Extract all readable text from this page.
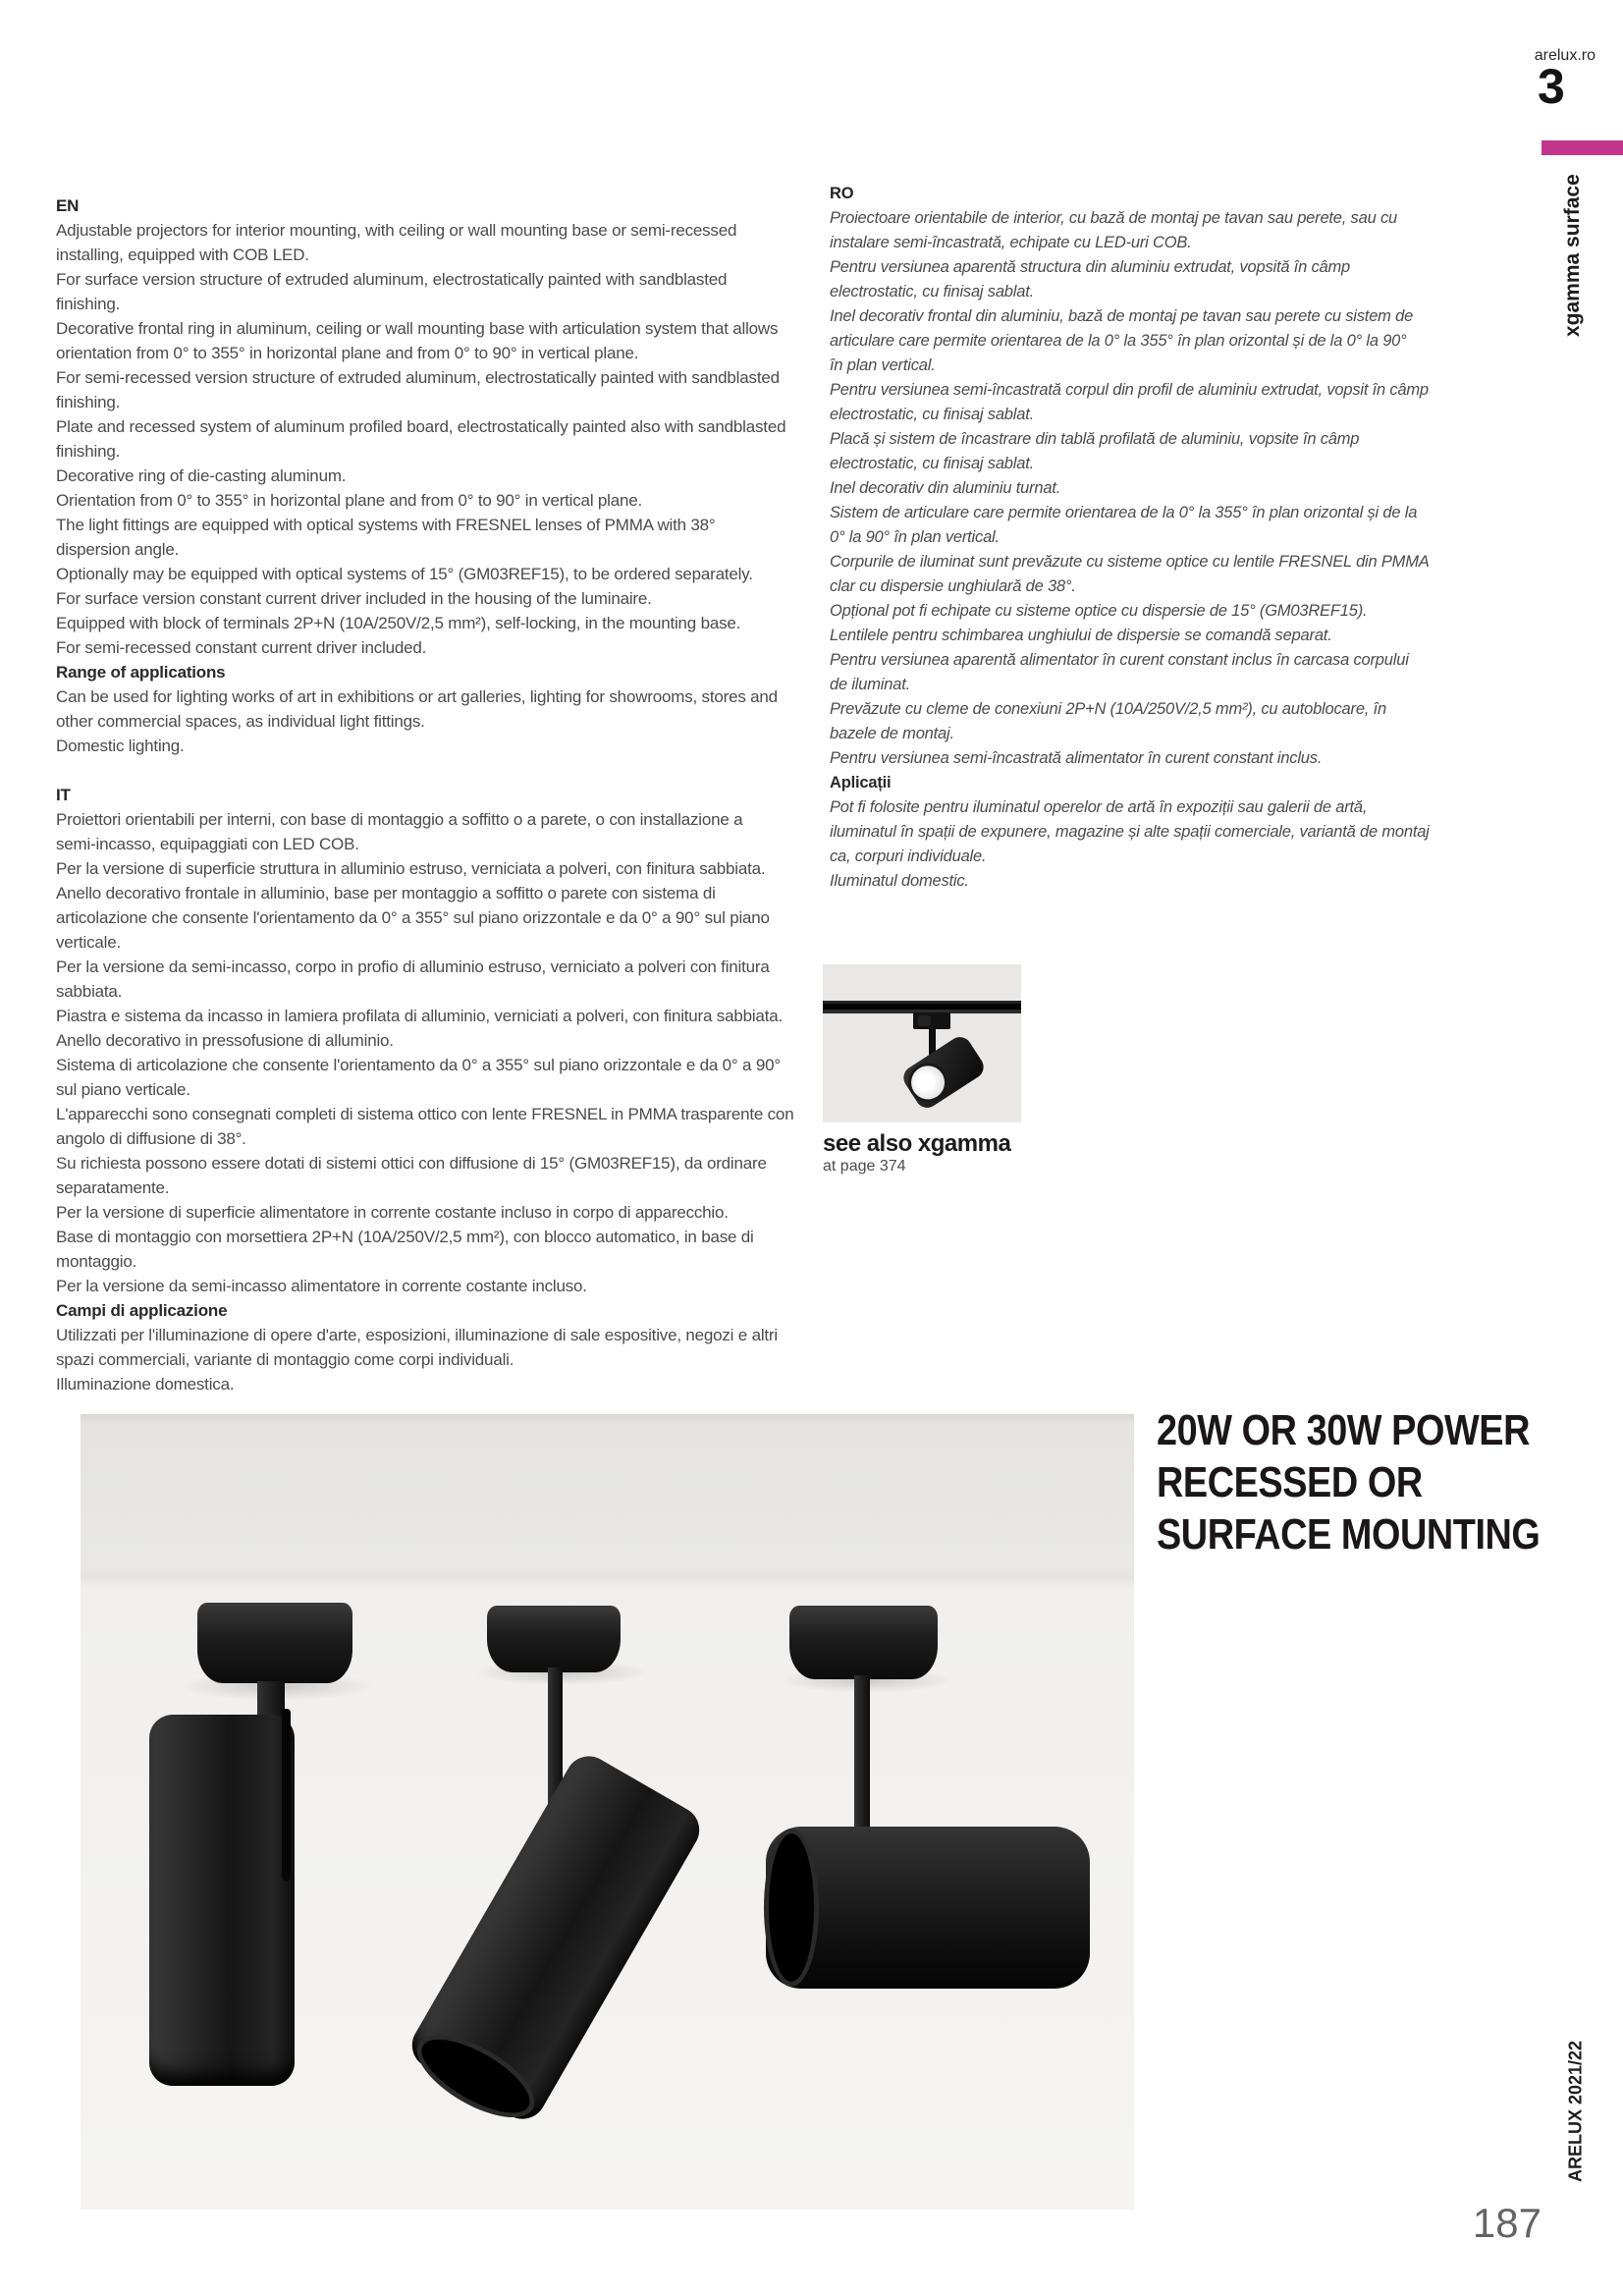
EN
Adjustable projectors for interior mounting, with ceiling or wall mounting base or semi-recessed
installing, equipped with COB LED.
For surface version structure of extruded aluminum, electrostatically painted with sandblasted
finishing.
Decorative frontal ring in aluminum, ceiling or wall mounting base with articulation system that allows
orientation from 0° to 355° in horizontal plane and from 0° to 90° in vertical plane.
For semi-recessed version structure of extruded aluminum, electrostatically painted with sandblasted
finishing.
Plate and recessed system of aluminum profiled board, electrostatically painted also with sandblasted
finishing.
Decorative ring of die-casting aluminum.
Orientation from 0° to 355° in horizontal plane and from 0° to 90° in vertical plane.
The light fittings are equipped with optical systems with FRESNEL lenses of PMMA with 38°
dispersion angle.
Optionally may be equipped with optical systems of 15° (GM03REF15), to be ordered separately.
For surface version constant current driver included in the housing of the luminaire.
Equipped with block of terminals 2P+N (10A/250V/2,5 mm²), self-locking, in the mounting base.
For semi-recessed constant current driver included.
Range of applications
Can be used for lighting works of art in exhibitions or art galleries, lighting for showrooms, stores and
other commercial spaces, as individual light fittings.
Domestic lighting.
IT
Proiettori orientabili per interni, con base di montaggio a soffitto o a parete, o con installazione a
semi-incasso, equipaggiati con LED COB.
Per la versione di superficie struttura in alluminio estruso, verniciata a polveri, con finitura sabbiata.
Anello decorativo frontale in alluminio, base per montaggio a soffitto o parete con sistema di
articolazione che consente l'orientamento da 0° a 355° sul piano orizzontale e da 0° a 90° sul piano
verticale.
Per la versione da semi-incasso, corpo in profio di alluminio estruso, verniciato a polveri con finitura
sabbiata.
Piastra e sistema da incasso in lamiera profilata di alluminio, verniciati a polveri, con finitura sabbiata.
Anello decorativo in pressofusione di alluminio.
Sistema di articolazione che consente l'orientamento da 0° a 355° sul piano orizzontale e da 0° a 90°
sul piano verticale.
L'apparecchi sono consegnati completi di sistema ottico con lente FRESNEL in PMMA trasparente con
angolo di diffusione di 38°.
Su richiesta possono essere dotati di sistemi ottici con diffusione di 15° (GM03REF15), da ordinare
separatamente.
Per la versione di superficie alimentatore in corrente costante incluso in corpo di apparecchio.
Base di montaggio con morsettiera 2P+N (10A/250V/2,5 mm²), con blocco automatico, in base di
montaggio.
Per la versione da semi-incasso alimentatore in corrente costante incluso.
Campi di applicazione
Utilizzati per l'illuminazione di opere d'arte, esposizioni, illuminazione di sale espositive, negozi e altri
spazi commerciali, variante di montaggio come corpi individuali.
Illuminazione domestica.
RO
Proiectoare orientabile de interior, cu bază de montaj pe tavan sau perete, sau cu
instalare semi-încastrată, echipate cu LED-uri COB.
Pentru versiunea aparentă structura din aluminiu extrudat, vopsită în câmp
electrostatic, cu finisaj sablat.
Inel decorativ frontal din aluminiu, bază de montaj pe tavan sau perete cu sistem de
articulare care permite orientarea de la 0° la 355° în plan orizontal și de la 0° la 90°
în plan vertical.
Pentru versiunea semi-încastrată corpul din profil de aluminiu extrudat, vopsit în câmp
electrostatic, cu finisaj sablat.
Placă și sistem de încastrare din tablă profilată de aluminiu, vopsite în câmp
electrostatic, cu finisaj sablat.
Inel decorativ din aluminiu turnat.
Sistem de articulare care permite orientarea de la 0° la 355° în plan orizontal și de la
0° la 90° în plan vertical.
Corpurile de iluminat sunt prevăzute cu sisteme optice cu lentile FRESNEL din PMMA
clar cu dispersie unghiulară de 38°.
Opțional pot fi echipate cu sisteme optice cu dispersie de 15° (GM03REF15).
Lentilele pentru schimbarea unghiului de dispersie se comandă separat.
Pentru versiunea aparentă alimentator în curent constant inclus în carcasa corpului
de iluminat.
Prevăzute cu cleme de conexiuni 2P+N (10A/250V/2,5 mm²), cu autoblocare, în
bazele de montaj.
Pentru versiunea semi-încastrată alimentator în curent constant inclus.
Aplicații
Pot fi folosite pentru iluminatul operelor de artă în expoziții sau galerii de artă,
iluminatul în spații de expunere, magazine și alte spații comerciale, variantă de montaj
ca, corpuri individuale.
Iluminatul domestic.
see also xgamma
at page 374
20W OR 30W POWER
RECESSED OR
SURFACE MOUNTING
arelux.ro
3
xgamma surface
ARELUX 2021/22
187
